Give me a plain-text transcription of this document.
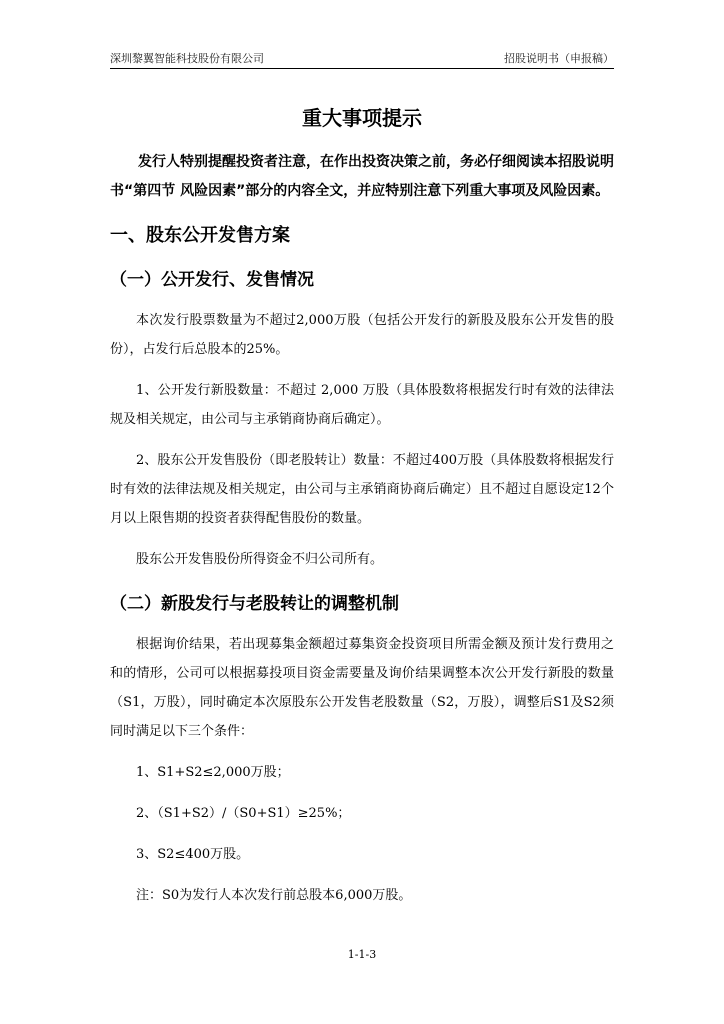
深圳黎翼智能科技股份有限公司	招股说明书（申报稿）
重大事项提示

发行人特别提醒投资者注意，在作出投资决策之前，务必仔细阅读本招股说明书“第四节 风险因素”部分的内容全文，并应特别注意下列重大事项及风险因素。

一、股东公开发售方案
（一）公开发行、发售情况

本次发行股票数量为不超过2,000万股（包括公开发行的新股及股东公开发售的股份），占发行后总股本的25%。

1、公开发行新股数量：不超过 2,000 万股（具体股数将根据发行时有效的法律法规及相关规定，由公司与主承销商协商后确定）。

2、股东公开发售股份（即老股转让）数量：不超过400万股（具体股数将根据发行时有效的法律法规及相关规定，由公司与主承销商协商后确定）且不超过自愿设定12个月以上限售期的投资者获得配售股份的数量。

股东公开发售股份所得资金不归公司所有。

（二）新股发行与老股转让的调整机制

根据询价结果，若出现募集金额超过募集资金投资项目所需金额及预计发行费用之和的情形，公司可以根据募投项目资金需要量及询价结果调整本次公开发行新股的数量（S1，万股），同时确定本次原股东公开发售老股数量（S2，万股），调整后S1及S2须同时满足以下三个条件：

1、S1+S2≤2,000万股；

2、（S1+S2）/（S0+S1）≥25%；

3、S2≤400万股。

注：S0为发行人本次发行前总股本6,000万股。

1-1-3
